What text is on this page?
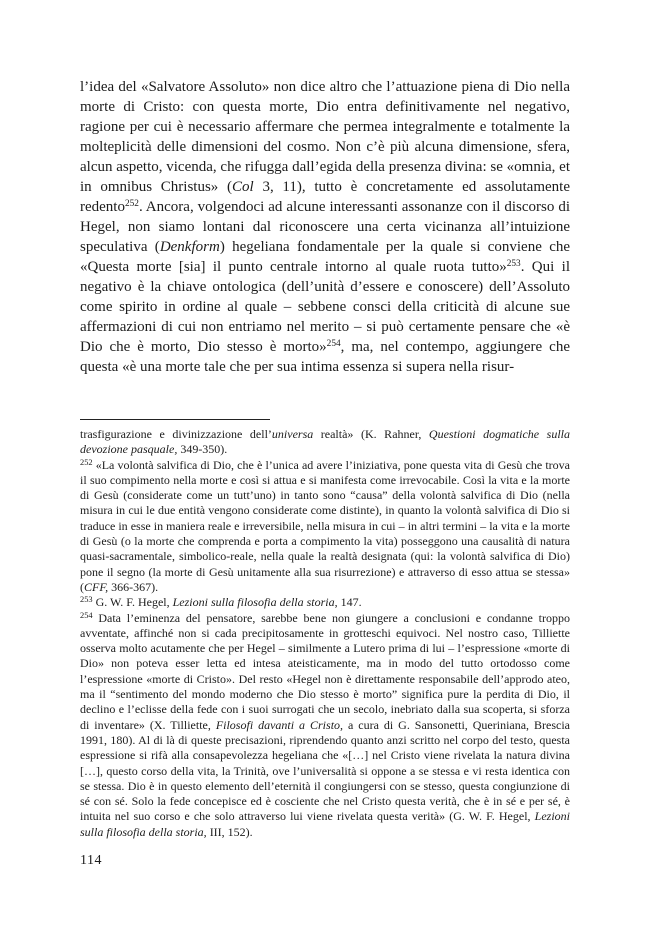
l’idea del «Salvatore Assoluto» non dice altro che l’attuazione piena di Dio nella morte di Cristo: con questa morte, Dio entra definitivamente nel negativo, ragione per cui è necessario affermare che permea integralmente e totalmente la molteplicità delle dimensioni del cosmo. Non c’è più alcuna dimensione, sfera, alcun aspetto, vicenda, che rifugga dall’egida della presenza divina: se «omnia, et in omnibus Christus» (Col 3, 11), tutto è concretamente ed assolutamente redento$^{252}$. Ancora, volgendoci ad alcune interessanti assonanze con il discorso di Hegel, non siamo lontani dal riconoscere una certa vicinanza all’intuizione speculativa (Denkform) hegeliana fondamentale per la quale si conviene che «Questa morte [sia] il punto centrale intorno al quale ruota tutto»$^{253}$. Qui il negativo è la chiave ontologica (dell’unità d’essere e conoscere) dell’Assoluto come spirito in ordine al quale – sebbene consci della criticità di alcune sue affermazioni di cui non entriamo nel merito – si può certamente pensare che «è Dio che è morto, Dio stesso è morto»$^{254}$, ma, nel contempo, aggiungere che questa «è una morte tale che per sua intima essenza si supera nella risur-

trasfigurazione e divinizzazione dell’universa realtà» (K. Rahner, Questioni dogmatiche sulla devozione pasquale, 349-350).

$^{252}$ «La volontà salvifica di Dio, che è l’unica ad avere l’iniziativa, pone questa vita di Gesù che trova il suo compimento nella morte e così si attua e si manifesta come irrevocabile. Così la vita e la morte di Gesù (considerate come un tutt’uno) in tanto sono “causa” della volontà salvifica di Dio (nella misura in cui le due entità vengono considerate come distinte), in quanto la volontà salvifica di Dio si traduce in esse in maniera reale e irreversibile, nella misura in cui – in altri termini – la vita e la morte di Gesù (o la morte che comprenda e porta a compimento la vita) posseggono una causalità di natura quasi-sacramentale, simbolico-reale, nella quale la realtà designata (qui: la volontà salvifica di Dio) pone il segno (la morte di Gesù unitamente alla sua risurrezione) e attraverso di esso attua se stessa» (CFF, 366-367).

$^{253}$ G. W. F. Hegel, Lezioni sulla filosofia della storia, 147.

$^{254}$ Data l’eminenza del pensatore, sarebbe bene non giungere a conclusioni e condanne troppo avventate, affinché non si cada precipitosamente in grotteschi equivoci. Nel nostro caso, Tilliette osserva molto acutamente che per Hegel – similmente a Lutero prima di lui – l’espressione «morte di Dio» non poteva esser letta ed intesa ateisticamente, ma in modo del tutto ortodosso come l’espressione «morte di Cristo». Del resto «Hegel non è direttamente responsabile dell’approdo ateo, ma il “sentimento del mondo moderno che Dio stesso è morto” significa pure la perdita di Dio, il declino e l’eclisse della fede con i suoi surrogati che un secolo, inebriato dalla sua scoperta, si sforza di inventare» (X. Tilliette, Filosofi davanti a Cristo, a cura di G. Sansonetti, Queriniana, Brescia 1991, 180). Al di là di queste precisazioni, riprendendo quanto anzi scritto nel corpo del testo, questa espressione si rifà alla consapevolezza hegeliana che «[…] nel Cristo viene rivelata la natura divina […], questo corso della vita, la Trinità, ove l’universalità si oppone a se stessa e vi resta identica con se stessa. Dio è in questo elemento dell’eternità il congiungersi con se stesso, questa congiunzione di sé con sé. Solo la fede concepisce ed è cosciente che nel Cristo questa verità, che è in sé e per sé, è intuita nel suo corso e che solo attraverso lui viene rivelata questa verità» (G. W. F. Hegel, Lezioni sulla filosofia della storia, III, 152).

114
